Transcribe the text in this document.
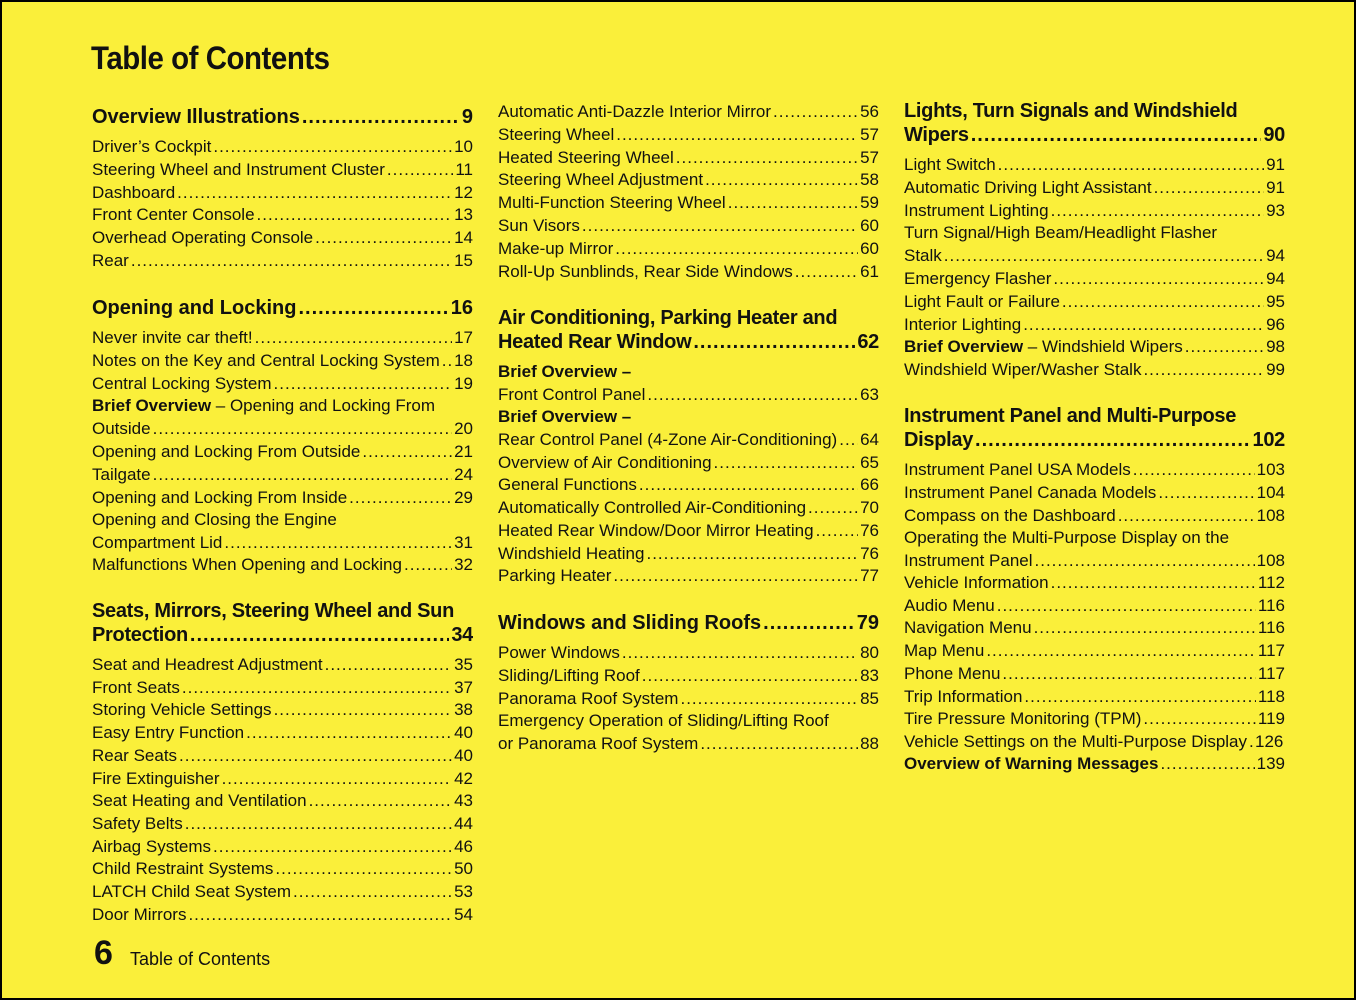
Table of Contents
Overview Illustrations .....	9
Driver’s Cockpit .....	10
Steering Wheel and Instrument Cluster .....	11
Dashboard .....	12
Front Center Console .....	13
Overhead Operating Console .....	14
Rear .....	15
Opening and Locking .....	16
Never invite car theft! .....	17
Notes on the Key and Central Locking System ..... 18
Central Locking System .....	19
Brief Overview – Opening and Locking From
Outside .....	20
Opening and Locking From Outside .....	21
Tailgate .....	24
Opening and Locking From Inside .....	29
Opening and Closing the Engine
Compartment Lid .....	31
Malfunctions When Opening and Locking .....	32
Seats, Mirrors, Steering Wheel and Sun
Protection .....	34
Seat and Headrest Adjustment .....	35
Front Seats .....	37
Storing Vehicle Settings .....	38
Easy Entry Function .....	40
Rear Seats .....	40
Fire Extinguisher .....	42
Seat Heating and Ventilation .....	43
Safety Belts .....	44
Airbag Systems .....	46
Child Restraint Systems .....	50
LATCH Child Seat System .....	53
Door Mirrors .....	54
Automatic Anti-Dazzle Interior Mirror .....	56
Steering Wheel .....	57
Heated Steering Wheel .....	57
Steering Wheel Adjustment .....	58
Multi-Function Steering Wheel .....	59
Sun Visors .....	60
Make-up Mirror .....	60
Roll-Up Sunblinds, Rear Side Windows .....	61
Air Conditioning, Parking Heater and
Heated Rear Window .....	62
Brief Overview –
Front Control Panel .....	63
Brief Overview –
Rear Control Panel (4-Zone Air-Conditioning) ..... 64
Overview of Air Conditioning .....	65
General Functions .....	66
Automatically Controlled Air-Conditioning .....	70
Heated Rear Window/Door Mirror Heating .....	76
Windshield Heating .....	76
Parking Heater .....	77
Windows and Sliding Roofs .....	79
Power Windows .....	80
Sliding/Lifting Roof .....	83
Panorama Roof System .....	85
Emergency Operation of Sliding/Lifting Roof
or Panorama Roof System .....	88
Lights, Turn Signals and Windshield
Wipers .....	90
Light Switch .....	91
Automatic Driving Light Assistant .....	91
Instrument Lighting .....	93
Turn Signal/High Beam/Headlight Flasher
Stalk .....	94
Emergency Flasher .....	94
Light Fault or Failure .....	95
Interior Lighting .....	96
Brief Overview – Windshield Wipers .....	98
Windshield Wiper/Washer Stalk .....	99
Instrument Panel and Multi-Purpose
Display .....	102
Instrument Panel USA Models .....	103
Instrument Panel Canada Models .....	104
Compass on the Dashboard .....	108
Operating the Multi-Purpose Display on the
Instrument Panel .....	108
Vehicle Information .....	112
Audio Menu .....	116
Navigation Menu .....	116
Map Menu .....	117
Phone Menu .....	117
Trip Information .....	118
Tire Pressure Monitoring (TPM) .....	119
Vehicle Settings on the Multi-Purpose Display ..... 126
Overview of Warning Messages .....	139
6 Table of Contents
